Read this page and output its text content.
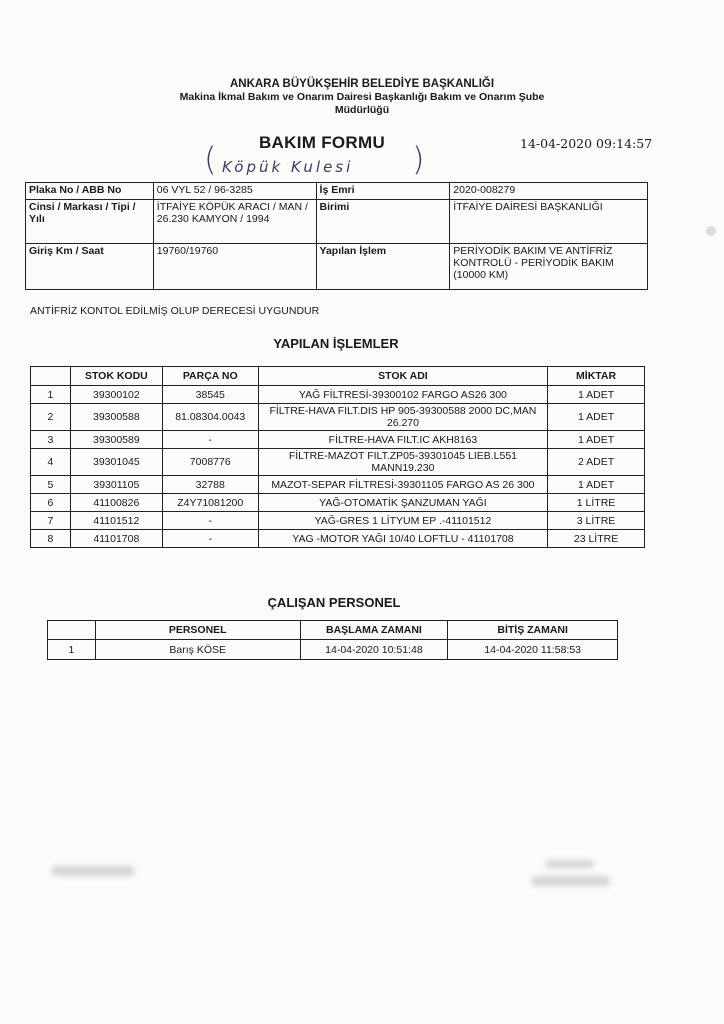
ANKARA BÜYÜKŞEHİR BELEDİYE BAŞKANLIĞI
Makina İkmal Bakım ve Onarım Dairesi Başkanlığı Bakım ve Onarım Şube
Müdürlüğü
BAKIM FORMU	14-04-2020 09:14:57
( Köpük Kulesi )
Plaka No / ABB No	06 VYL 52 / 96-3285	İş Emri	2020-008279
Cinsi / Markası / Tipi / Yılı	İTFAİYE KÖPÜK ARACI / MAN / 26.230 KAMYON / 1994	Birimi	İTFAİYE DAİRESİ BAŞKANLIĞI
Giriş Km / Saat	19760/19760	Yapılan İşlem	PERİYODİK BAKIM VE ANTİFRİZ KONTROLÜ - PERİYODİK BAKIM (10000 KM)
ANTİFRİZ KONTOL EDİLMİŞ OLUP DERECESİ UYGUNDUR
YAPILAN İŞLEMLER
	STOK KODU	PARÇA NO	STOK ADI	MİKTAR
1	39300102	38545	YAĞ FİLTRESİ-39300102 FARGO AS26 300	1 ADET
2	39300588	81.08304.0043	FİLTRE-HAVA FILT.DIS HP 905-39300588 2000 DC,MAN 26.270	1 ADET
3	39300589	-	FİLTRE-HAVA FILT.IC AKH8163	1 ADET
4	39301045	7008776	FİLTRE-MAZOT FILT.ZP05-39301045 LIEB.L551 MANN19.230	2 ADET
5	39301105	32788	MAZOT-SEPAR FİLTRESİ-39301105 FARGO AS 26 300	1 ADET
6	41100826	Z4Y71081200	YAĞ-OTOMATİK ŞANZUMAN YAĞI	1 LİTRE
7	41101512	-	YAĞ-GRES 1 LİTYUM EP .-41101512	3 LİTRE
8	41101708	-	YAG -MOTOR YAĞI 10/40 LOFTLU - 41101708	23 LİTRE
ÇALIŞAN PERSONEL
	PERSONEL	BAŞLAMA ZAMANI	BİTİŞ ZAMANI
1	Barış KÖSE	14-04-2020 10:51:48	14-04-2020 11:58:53
